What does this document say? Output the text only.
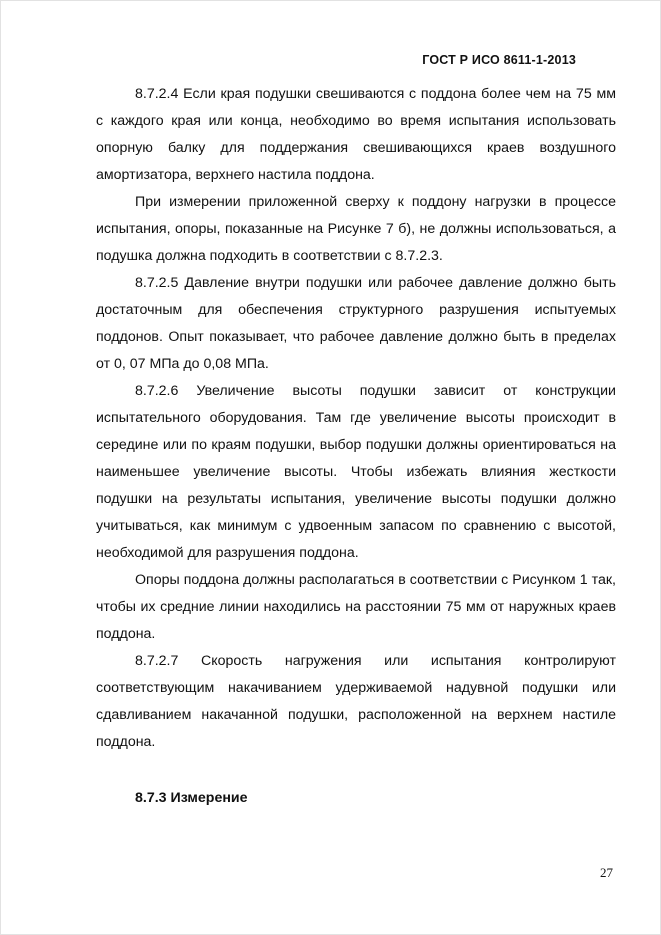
ГОСТ Р ИСО 8611-1-2013

8.7.2.4 Если края подушки свешиваются с поддона более чем на 75 мм с каждого края или конца, необходимо во время испытания использовать опорную балку для поддержания свешивающихся краев воздушного амортизатора, верхнего настила поддона.

При измерении приложенной сверху к поддону нагрузки в процессе испытания, опоры, показанные на Рисунке 7 б), не должны использоваться, а подушка должна подходить в соответствии с 8.7.2.3.

8.7.2.5 Давление внутри подушки или рабочее давление должно быть достаточным для обеспечения структурного разрушения испытуемых поддонов. Опыт показывает, что рабочее давление должно быть в пределах от 0, 07 МПа до 0,08 МПа.

8.7.2.6 Увеличение высоты подушки зависит от конструкции испытательного оборудования. Там где увеличение высоты происходит в середине или по краям подушки, выбор подушки должны ориентироваться на наименьшее увеличение высоты. Чтобы избежать влияния жесткости подушки на результаты испытания, увеличение высоты подушки должно учитываться, как минимум с удвоенным запасом по сравнению с высотой, необходимой для разрушения поддона.

Опоры поддона должны располагаться в соответствии с Рисунком 1 так, чтобы их средние линии находились на расстоянии 75 мм от наружных краев поддона.

8.7.2.7 Скорость нагружения или испытания контролируют соответствующим накачиванием удерживаемой надувной подушки или сдавливанием накачанной подушки, расположенной на верхнем настиле поддона.

8.7.3 Измерение

27
